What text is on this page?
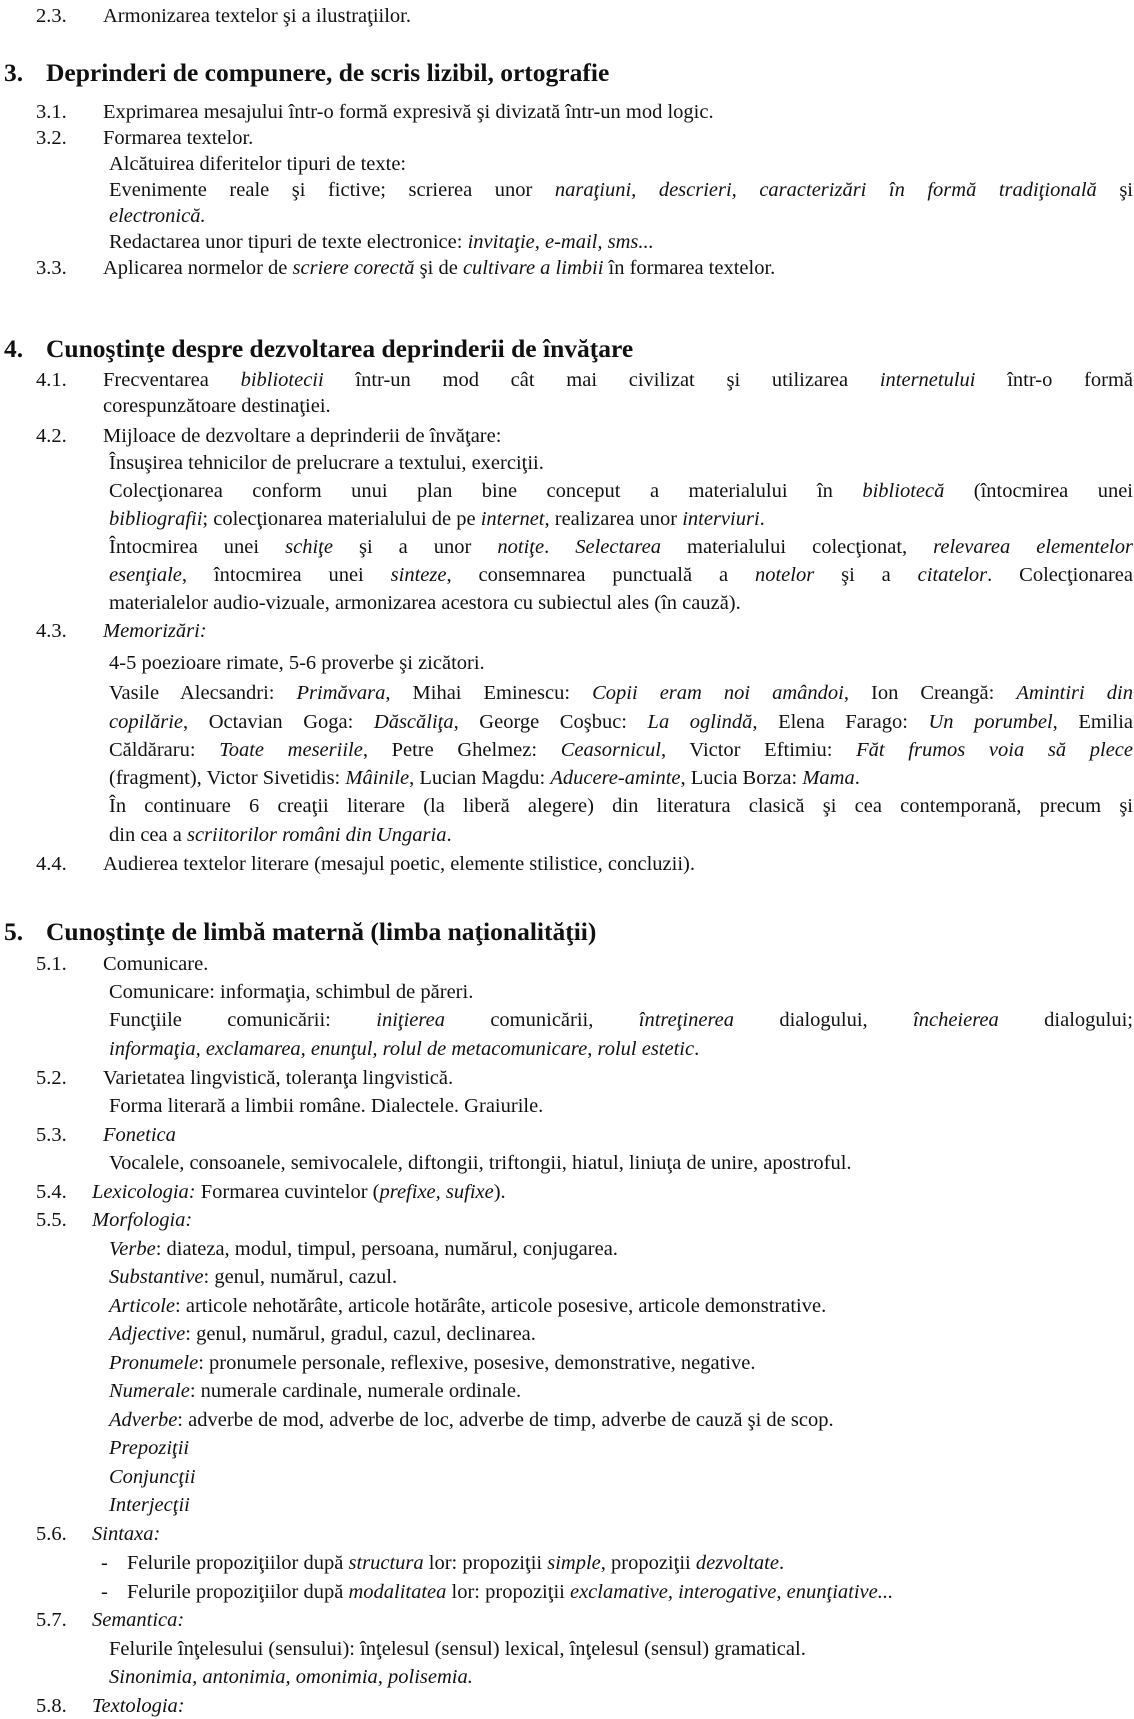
2.3. Armonizarea textelor şi a ilustraţiilor.
3. Deprinderi de compunere, de scris lizibil, ortografie
3.1. Exprimarea mesajului într-o formă expresivă şi divizată într-un mod logic.
3.2. Formarea textelor.
Alcătuirea diferitelor tipuri de texte:
Evenimente reale şi fictive; scrierea unor naraţiuni, descrieri, caracterizări în formă tradiţională şi
electronică.
Redactarea unor tipuri de texte electronice: invitaţie, e-mail, sms...
3.3. Aplicarea normelor de scriere corectă şi de cultivare a limbii în formarea textelor.
4. Cunoştinţe despre dezvoltarea deprinderii de învăţare
4.1. Frecventarea bibliotecii într-un mod cât mai civilizat şi utilizarea internetului într-o formă
corespunzătoare destinaţiei.
4.2. Mijloace de dezvoltare a deprinderii de învăţare:
Însuşirea tehnicilor de prelucrare a textului, exerciţii.
Colecţionarea conform unui plan bine conceput a materialului în bibliotecă (întocmirea unei
bibliografii; colecţionarea materialului de pe internet, realizarea unor interviuri.
Întocmirea unei schiţe şi a unor notiţe. Selectarea materialului colecţionat, relevarea elementelor
esenţiale, întocmirea unei sinteze, consemnarea punctuală a notelor şi a citatelor. Colecţionarea
materialelor audio-vizuale, armonizarea acestora cu subiectul ales (în cauză).
4.3. Memorizări:
4-5 poezioare rimate, 5-6 proverbe şi zicători.
Vasile Alecsandri: Primăvara, Mihai Eminescu: Copii eram noi amândoi, Ion Creangă: Amintiri din
copilărie, Octavian Goga: Dăscăliţa, George Coşbuc: La oglindă, Elena Farago: Un porumbel, Emilia
Căldăraru: Toate meseriile, Petre Ghelmez: Ceasornicul, Victor Eftimiu: Făt frumos voia să plece
(fragment), Victor Sivetidis: Mâinile, Lucian Magdu: Aducere-aminte, Lucia Borza: Mama.
În continuare 6 creaţii literare (la liberă alegere) din literatura clasică şi cea contemporană, precum şi
din cea a scriitorilor români din Ungaria.
4.4. Audierea textelor literare (mesajul poetic, elemente stilistice, concluzii).
5. Cunoştinţe de limbă maternă (limba naţionalităţii)
5.1. Comunicare.
Comunicare: informaţia, schimbul de păreri.
Funcţiile comunicării: iniţierea comunicării, întreţinerea dialogului, încheierea dialogului;
informaţia, exclamarea, enunţul, rolul de metacomunicare, rolul estetic.
5.2. Varietatea lingvistică, toleranţa lingvistică.
Forma literară a limbii române. Dialectele. Graiurile.
5.3. Fonetica
Vocalele, consoanele, semivocalele, diftongii, triftongii, hiatul, liniuţa de unire, apostroful.
5.4. Lexicologia: Formarea cuvintelor (prefixe, sufixe).
5.5. Morfologia:
Verbe: diateza, modul, timpul, persoana, numărul, conjugarea.
Substantive: genul, numărul, cazul.
Articole: articole nehotărâte, articole hotărâte, articole posesive, articole demonstrative.
Adjective: genul, numărul, gradul, cazul, declinarea.
Pronumele: pronumele personale, reflexive, posesive, demonstrative, negative.
Numerale: numerale cardinale, numerale ordinale.
Adverbe: adverbe de mod, adverbe de loc, adverbe de timp, adverbe de cauză şi de scop.
Prepoziţii
Conjuncţii
Interjecţii
5.6. Sintaxa:
- Felurile propoziţiilor după structura lor: propoziţii simple, propoziţii dezvoltate.
- Felurile propoziţiilor după modalitatea lor: propoziţii exclamative, interogative, enunţiative...
5.7. Semantica:
Felurile înţelesului (sensului): înţelesul (sensul) lexical, înţelesul (sensul) gramatical.
Sinonimia, antonimia, omonimia, polisemia.
5.8. Textologia:
